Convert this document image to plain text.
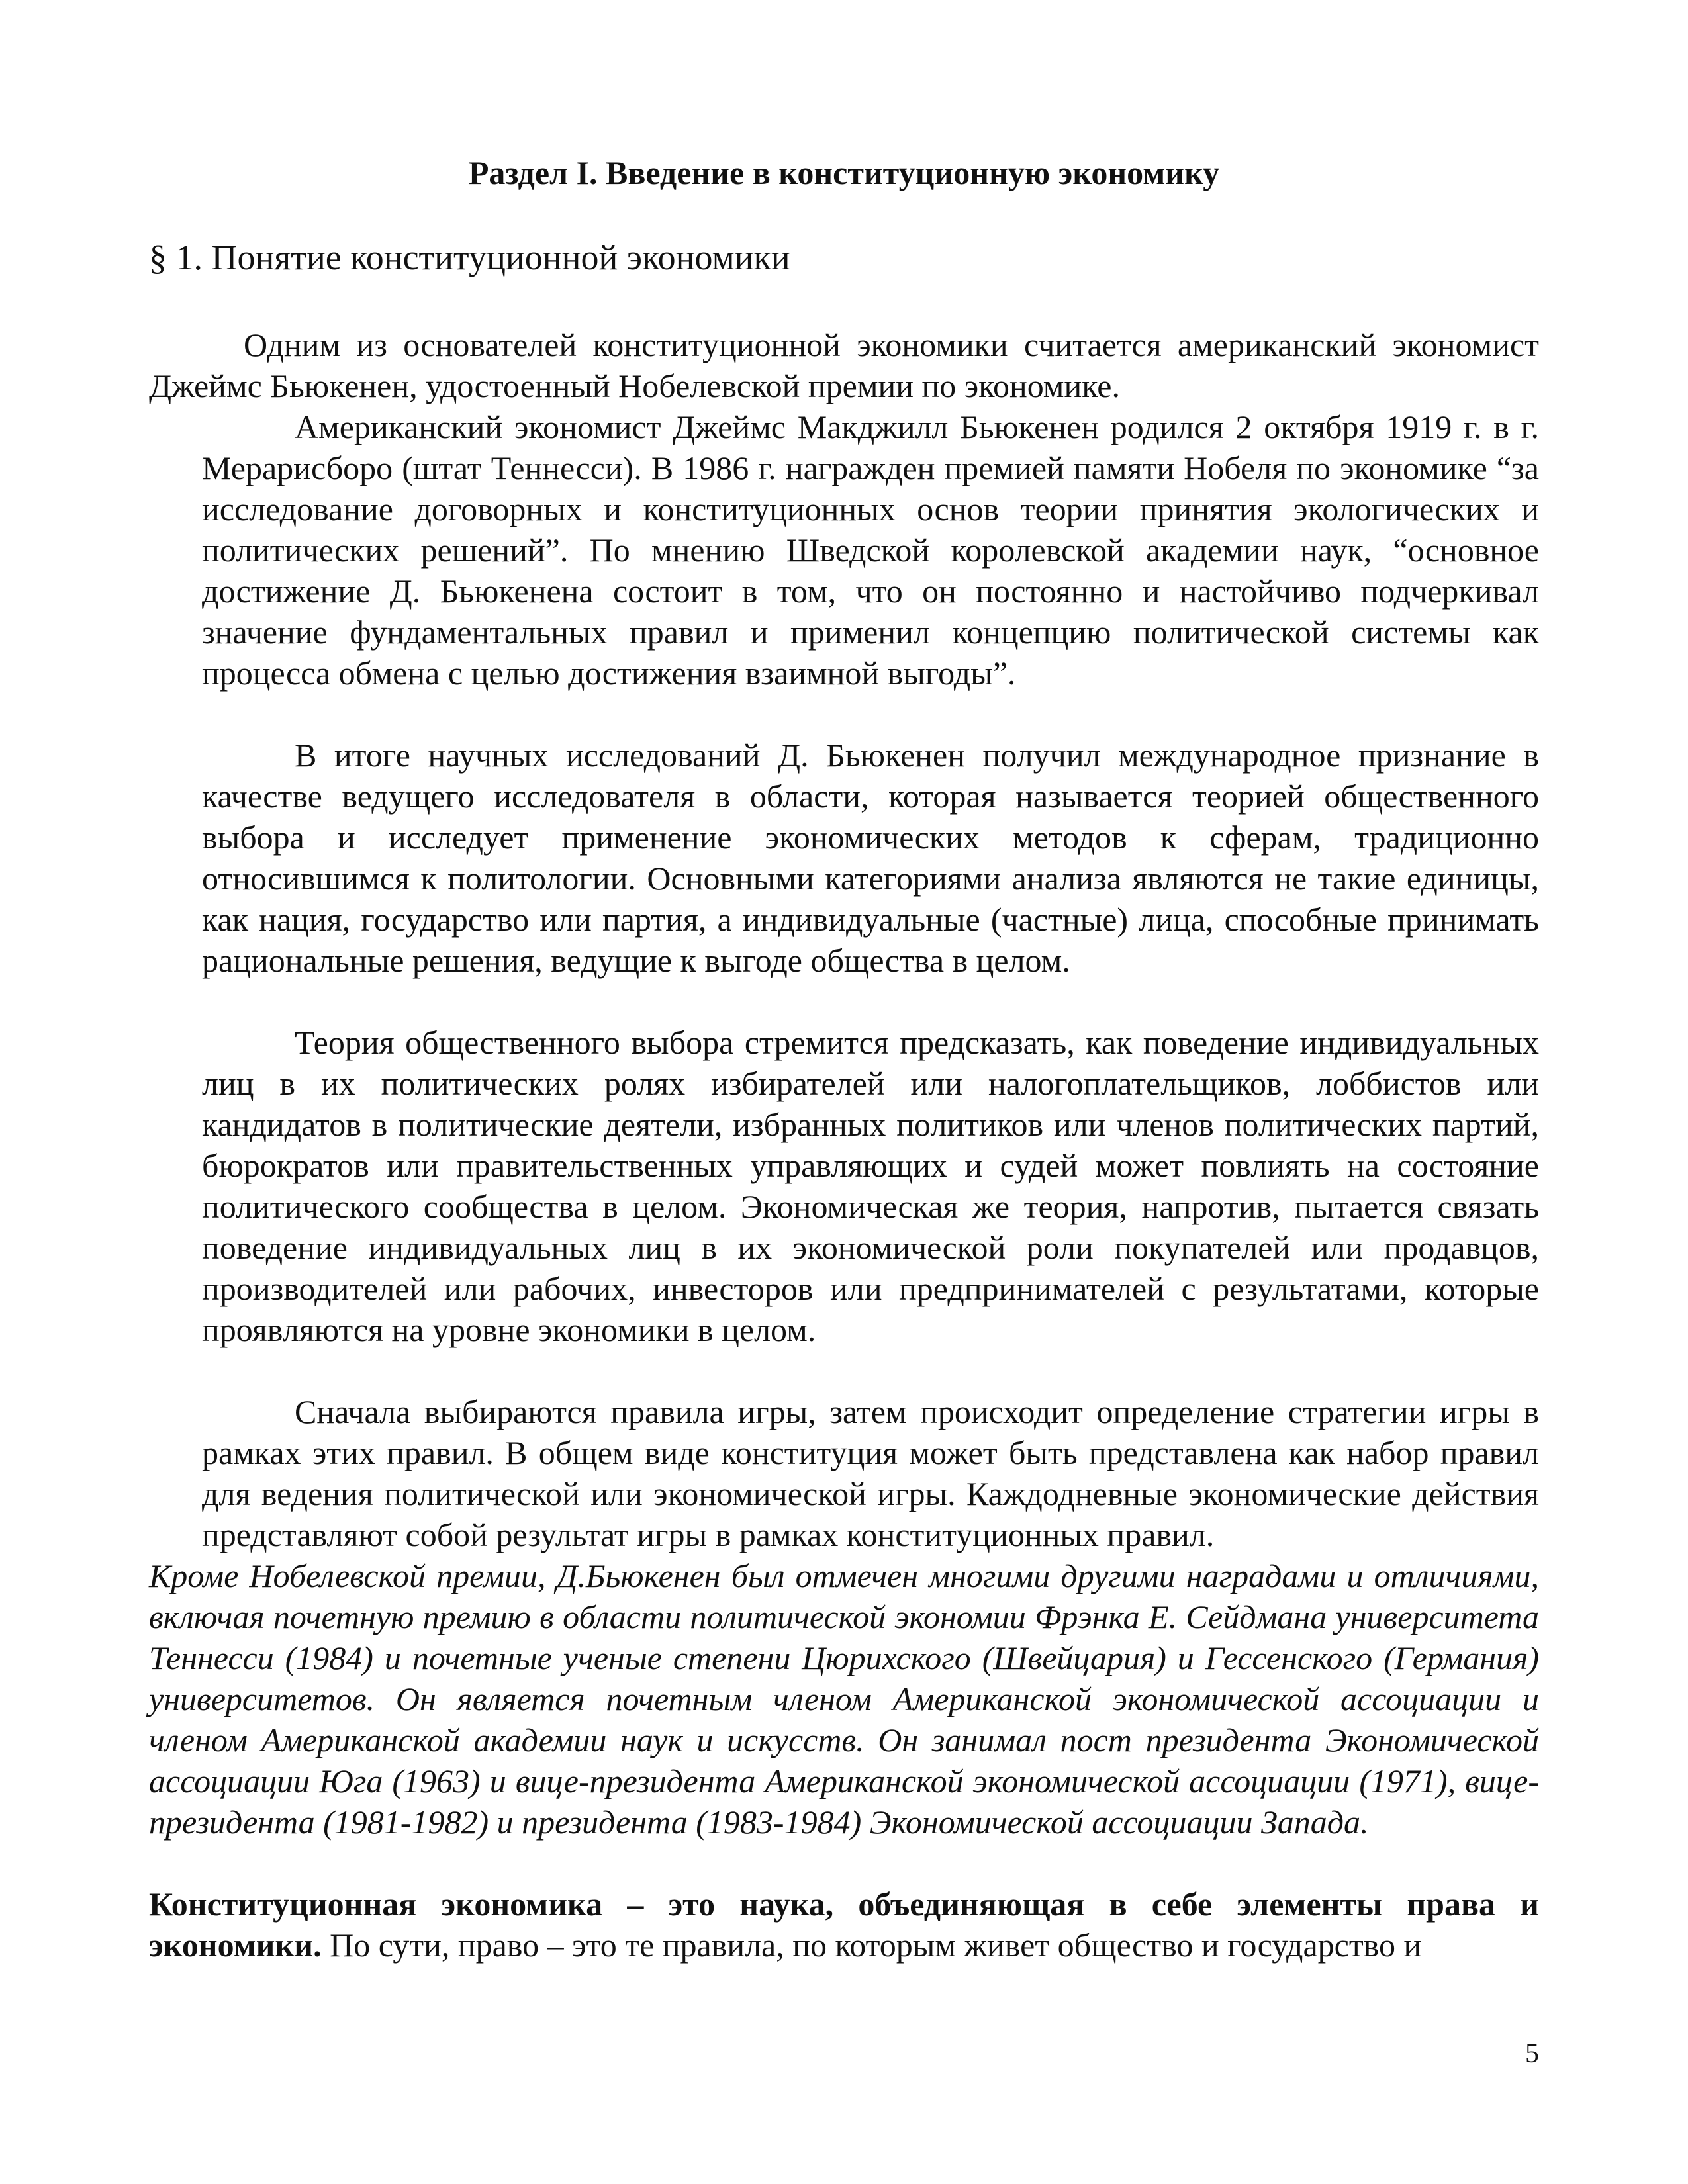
Раздел I. Введение в конституционную экономику
§ 1. Понятие конституционной экономики

Одним из основателей конституционной экономики считается американский экономист Джеймс Бьюкенен, удостоенный Нобелевской премии по экономике.

Американский экономист Джеймс Макджилл Бьюкенен родился 2 октября 1919 г. в г. Мерарисборо (штат Теннесси). В 1986 г. награжден премией памяти Нобеля по экономике “за исследование договорных и конституционных основ теории принятия экологических и политических решений”. По мнению Шведской королевской академии наук, “основное достижение Д. Бьюкенена состоит в том, что он постоянно и настойчиво подчеркивал значение фундаментальных правил и применил концепцию политической системы как процесса обмена с целью достижения взаимной выгоды”.

В итоге научных исследований Д. Бьюкенен получил международное признание в качестве ведущего исследователя в области, которая называется теорией общественного выбора и исследует применение экономических методов к сферам, традиционно относившимся к политологии. Основными категориями анализа являются не такие единицы, как нация, государство или партия, а индивидуальные (частные) лица, способные принимать рациональные решения, ведущие к выгоде общества в целом.

Теория общественного выбора стремится предсказать, как поведение индивидуальных лиц в их политических ролях избирателей или налогоплательщиков, лоббистов или кандидатов в политические деятели, избранных политиков или членов политических партий, бюрократов или правительственных управляющих и судей может повлиять на состояние политического сообщества в целом. Экономическая же теория, напротив, пытается связать поведение индивидуальных лиц в их экономической роли покупателей или продавцов, производителей или рабочих, инвесторов или предпринимателей с результатами, которые проявляются на уровне экономики в целом.

Сначала выбираются правила игры, затем происходит определение стратегии игры в рамках этих правил. В общем виде конституция может быть представлена как набор правил для ведения политической или экономической игры. Каждодневные экономические действия представляют собой результат игры в рамках конституционных правил.

Кроме Нобелевской премии, Д.Бьюкенен был отмечен многими другими наградами и отличиями, включая почетную премию в области политической экономии Фрэнка Е. Сейдмана университета Теннесси (1984) и почетные ученые степени Цюрихского (Швейцария) и Гессенского (Германия) университетов. Он является почетным членом Американской экономической ассоциации и членом Американской академии наук и искусств. Он занимал пост президента Экономической ассоциации Юга (1963) и вице-президента Американской экономической ассоциации (1971), вице-президента (1981-1982) и президента (1983-1984) Экономической ассоциации Запада.

Конституционная экономика – это наука, объединяющая в себе элементы права и экономики. По сути, право – это те правила, по которым живет общество и государство и

5
